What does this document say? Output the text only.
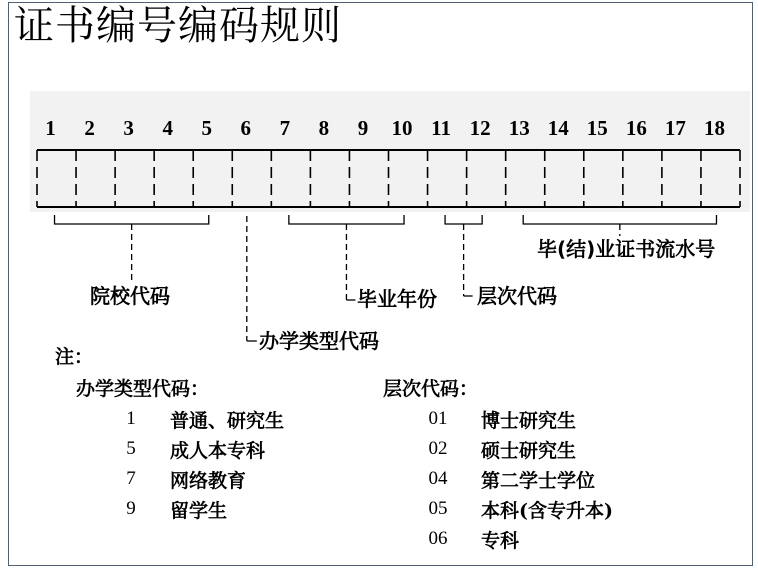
证书编号编码规则
1 2 3 4 5 6 7 8 9 10 11 12 13 14 15 16 17 18
院校代码
办学类型代码
毕业年份 层次代码
毕(结)业证书流水号
注：
办学类型代码：
1	普通、研究生
5	成人本专科
7	网络教育
9	留学生
层次代码：
01 博士研究生
02 硕士研究生
04 第二学士学位
05 本科(含专升本)
06 专科
